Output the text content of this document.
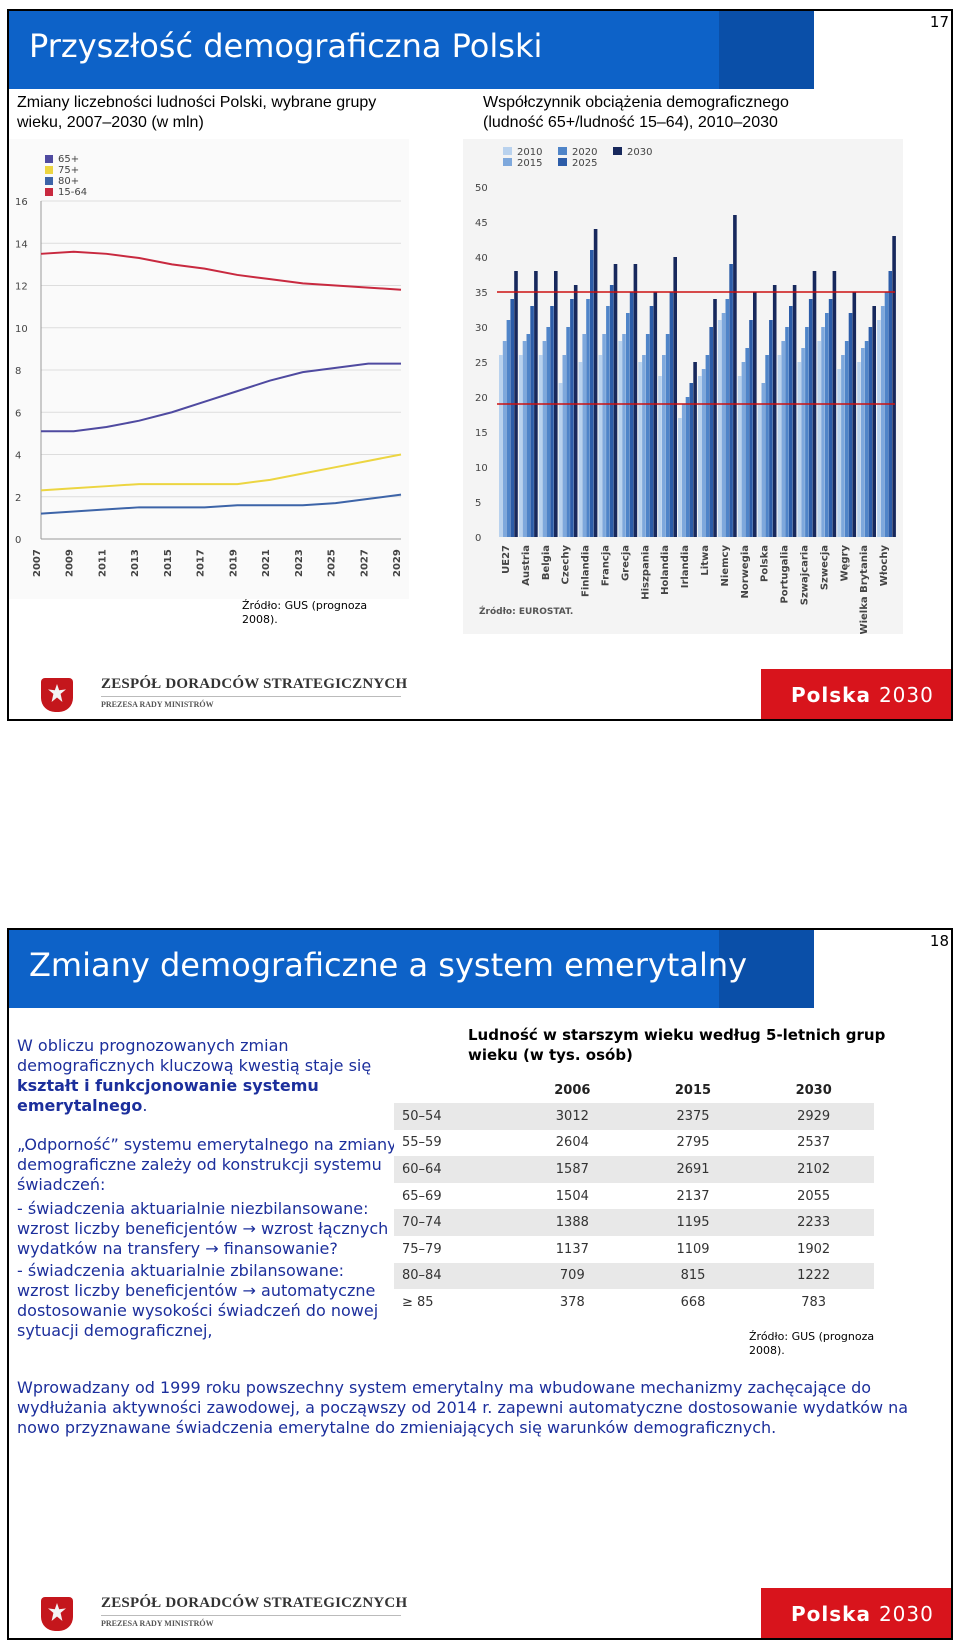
Przyszłość demograficzna Polski
17
Zmiany liczebności ludności Polski, wybrane grupy wieku, 2007–2030 (w mln)
Współczynnik obciążenia demograficznego (ludność 65+/ludność 15–64), 2010–2030
0
2
4
6
8
10
12
14
16
2007 2009 2011 2013 2015 2017 2019 2021 2023 2025 2027 2029
65+
75+
80+
15-64
0
5
10
15
20
25
30
35
40
45
50
UE27 Austria Belgia Czechy Finlandia Francja Grecja Hiszpania Holandia Irlandia Litwa Niemcy Norwegia Polska Portugalia Szwajcaria Szwecja Węgry Wielka Brytania Włochy
2010
2015
2020
2025
2030
Źródło: GUS (prognoza 2008).
Źródło: EUROSTAT.
ZESPÓŁ DORADCÓW STRATEGICZNYCH
PREZESA RADY MINISTRÓW	Polska 2030
Zmiany demograficzne a system emerytalny
18
W obliczu prognozowanych zmian demograficznych kluczową kwestią staje się kształt i funkcjonowanie systemu emerytalnego.

„Odporność” systemu emerytalnego na zmiany demograficzne zależy od konstrukcji systemu świadczeń:

- świadczenia aktuarialnie niezbilansowane: wzrost liczby beneficjentów → wzrost łącznych wydatków na transfery → finansowanie?

- świadczenia aktuarialnie zbilansowane: wzrost liczby beneficjentów → automatyczne dostosowanie wysokości świadczeń do nowej sytuacji demograficznej,

Ludność w starszym wieku według 5-letnich grup wieku (w tys. osób)
	2006	2015	2030
50–54	3012	2375	2929
55–59	2604	2795	2537
60–64	1587	2691	2102
65–69	1504	2137	2055
70–74	1388	1195	2233
75–79	1137	1109	1902
80–84	709	815	1222
≥ 85	378	668	783
Źródło: GUS (prognoza 2008).
Wprowadzany od 1999 roku powszechny system emerytalny ma wbudowane mechanizmy zachęcające do wydłużania aktywności zawodowej, a począwszy od 2014 r. zapewni automatyczne dostosowanie wydatków na nowo przyznawane świadczenia emerytalne do zmieniających się warunków demograficznych.
ZESPÓŁ DORADCÓW STRATEGICZNYCH
PREZESA RADY MINISTRÓW	Polska 2030
